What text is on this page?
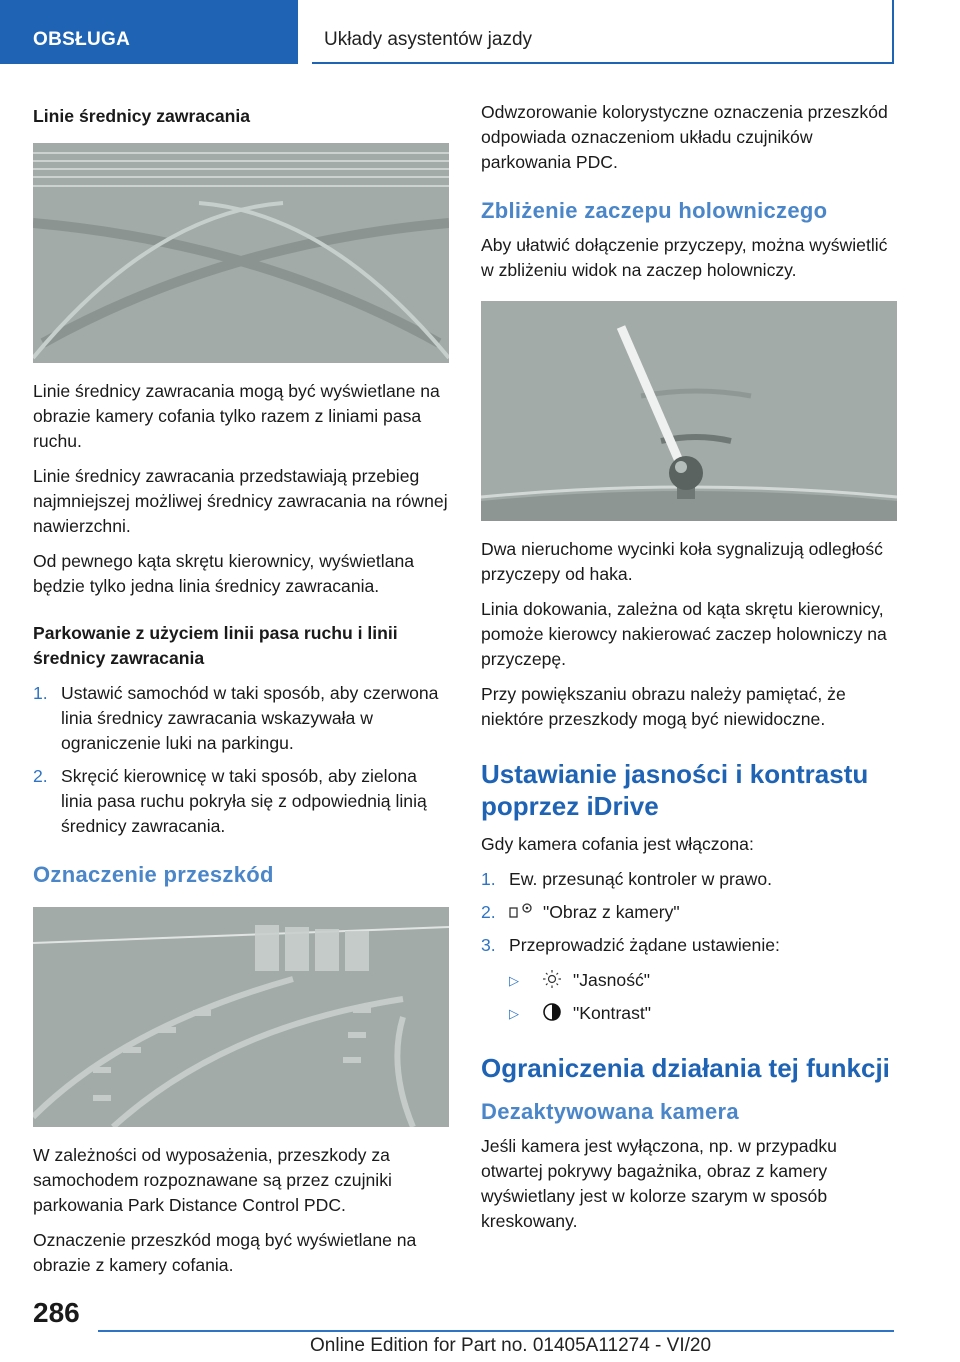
OBSŁUGA	Układy asystentów jazdy
Linie średnicy zawracania

Linie średnicy zawracania mogą być wyświetlane na obrazie kamery cofania tylko razem z liniami pasa ruchu.

Linie średnicy zawracania przedstawiają przebieg najmniejszej możliwej średnicy zawracania na równej nawierzchni.

Od pewnego kąta skrętu kierownicy, wyświetlana będzie tylko jedna linia średnicy zawracania.

Parkowanie z użyciem linii pasa ruchu i linii średnicy zawracania
1. Ustawić samochód w taki sposób, aby czerwona linia średnicy zawracania wskazywała w ograniczenie luki na parkingu.
2. Skręcić kierownicę w taki sposób, aby zielona linia pasa ruchu pokryła się z odpowiednią linią średnicy zawracania.
Oznaczenie przeszkód

W zależności od wyposażenia, przeszkody za samochodem rozpoznawane są przez czujniki parkowania Park Distance Control PDC.

Oznaczenie przeszkód mogą być wyświetlane na obrazie z kamery cofania.

Odwzorowanie kolorystyczne oznaczenia przeszkód odpowiada oznaczeniom układu czujników parkowania PDC.

Zbliżenie zaczepu holowniczego

Aby ułatwić dołączenie przyczepy, można wyświetlić w zbliżeniu widok na zaczep holowniczy.

Dwa nieruchome wycinki koła sygnalizują odległość przyczepy od haka.

Linia dokowania, zależna od kąta skrętu kierownicy, pomoże kierowcy nakierować zaczep holowniczy na przyczepę.

Przy powiększaniu obrazu należy pamiętać, że niektóre przeszkody mogą być niewidoczne.

Ustawianie jasności i kontrastu poprzez iDrive

Gdy kamera cofania jest włączona:

1. Ew. przesunąć kontroler w prawo.
2.	"Obraz z kamery"
3. Przeprowadzić żądane ustawienie:
▷	"Jasność"
▷	"Kontrast"
Ograniczenia działania tej funkcji
Dezaktywowana kamera

Jeśli kamera jest wyłączona, np. w przypadku otwartej pokrywy bagażnika, obraz z kamery wyświetlany jest w kolorze szarym w sposób kreskowany.

286
Online Edition for Part no. 01405A11274 - VI/20
